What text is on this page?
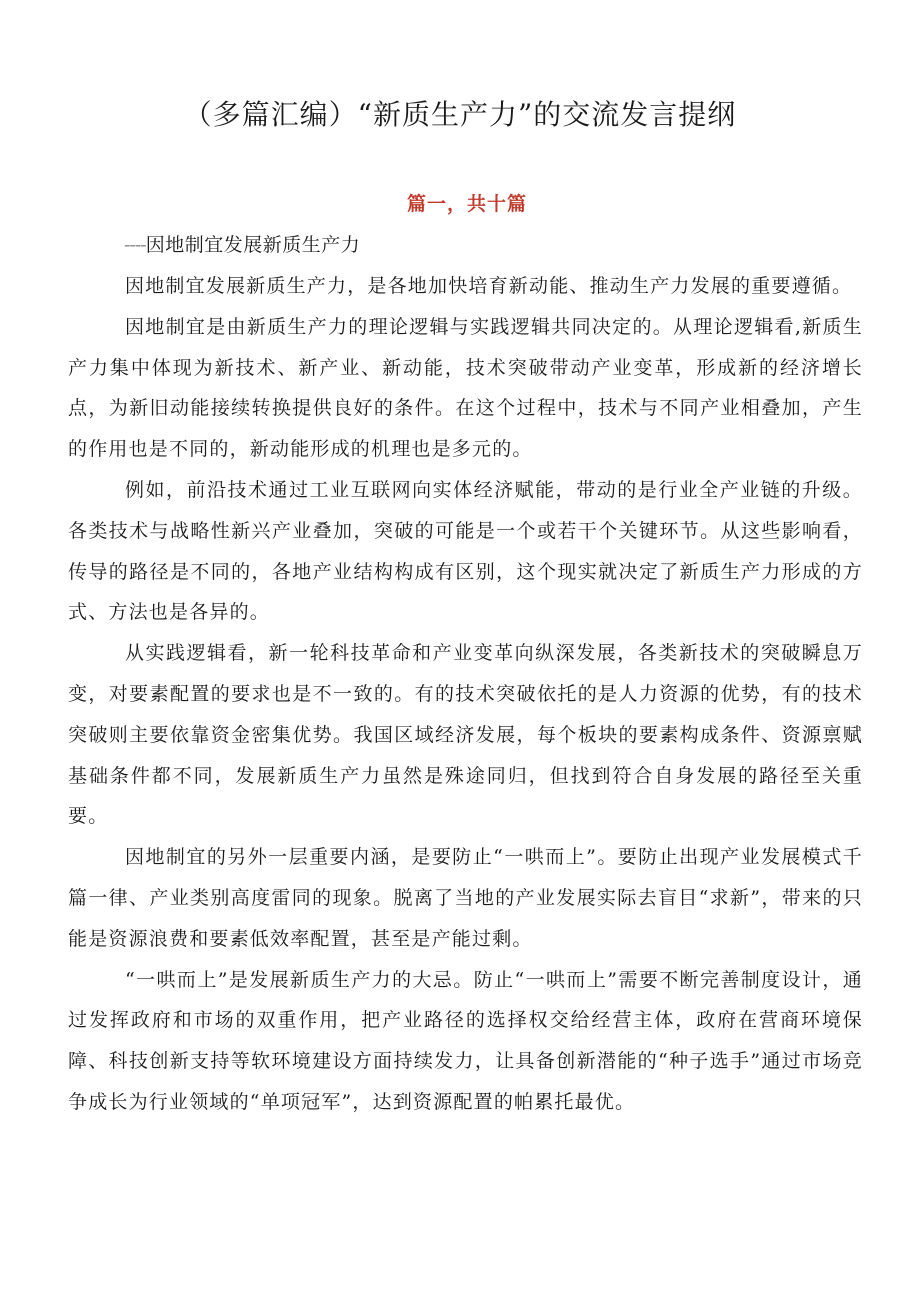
（多篇汇编）“新质生产力”的交流发言提纲
篇一，共十篇

----因地制宜发展新质生产力

因地制宜发展新质生产力，是各地加快培育新动能、推动生产力发展的重要遵循。

因地制宜是由新质生产力的理论逻辑与实践逻辑共同决定的。从理论逻辑看,新质生产力集中体现为新技术、新产业、新动能，技术突破带动产业变革，形成新的经济增长点，为新旧动能接续转换提供良好的条件。在这个过程中，技术与不同产业相叠加，产生的作用也是不同的，新动能形成的机理也是多元的。

例如，前沿技术通过工业互联网向实体经济赋能，带动的是行业全产业链的升级。各类技术与战略性新兴产业叠加，突破的可能是一个或若干个关键环节。从这些影响看，传导的路径是不同的，各地产业结构构成有区别，这个现实就决定了新质生产力形成的方式、方法也是各异的。

从实践逻辑看，新一轮科技革命和产业变革向纵深发展，各类新技术的突破瞬息万变，对要素配置的要求也是不一致的。有的技术突破依托的是人力资源的优势，有的技术突破则主要依靠资金密集优势。我国区域经济发展，每个板块的要素构成条件、资源禀赋基础条件都不同，发展新质生产力虽然是殊途同归，但找到符合自身发展的路径至关重要。

因地制宜的另外一层重要内涵，是要防止“一哄而上”。要防止出现产业发展模式千篇一律、产业类别高度雷同的现象。脱离了当地的产业发展实际去盲目“求新”，带来的只能是资源浪费和要素低效率配置，甚至是产能过剩。

“一哄而上”是发展新质生产力的大忌。防止“一哄而上”需要不断完善制度设计，通过发挥政府和市场的双重作用，把产业路径的选择权交给经营主体，政府在营商环境保障、科技创新支持等软环境建设方面持续发力，让具备创新潜能的“种子选手”通过市场竞争成长为行业领域的“单项冠军”，达到资源配置的帕累托最优。
